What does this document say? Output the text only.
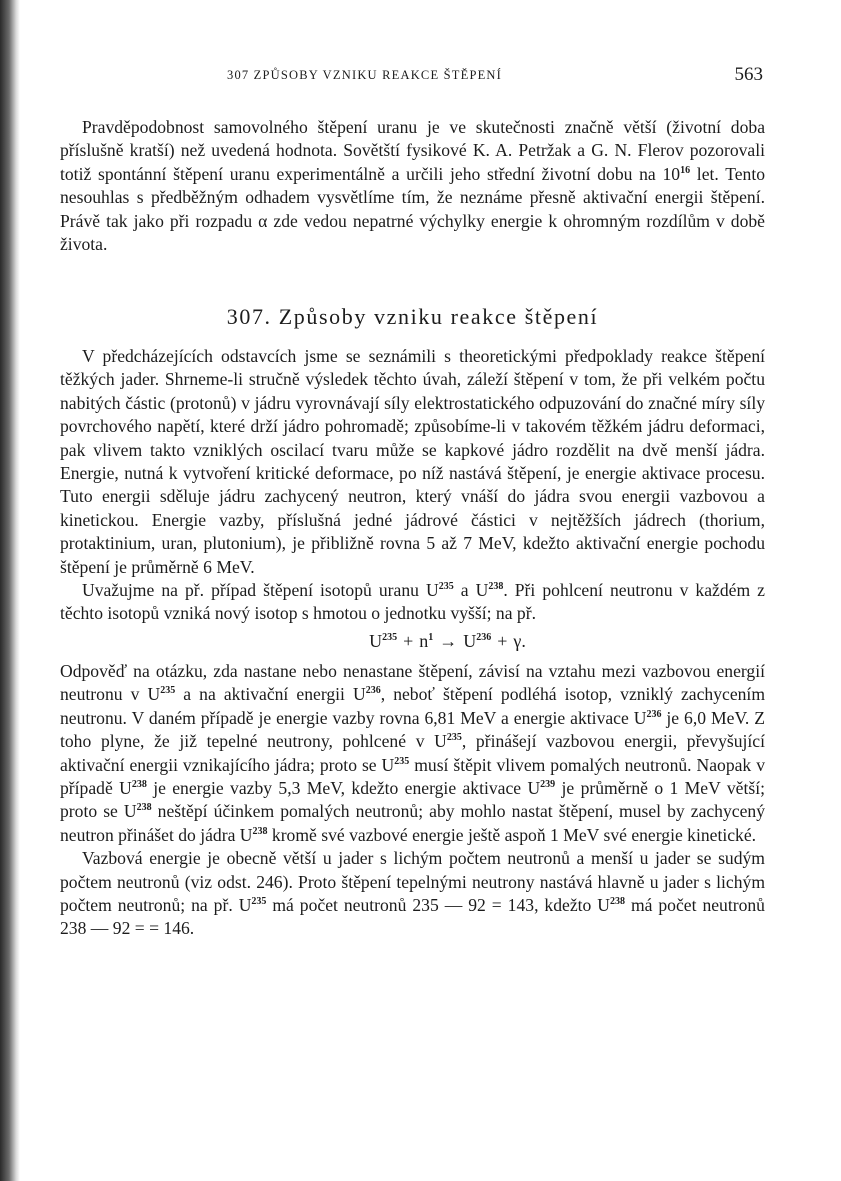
307 ZPŮSOBY VZNIKU REAKCE ŠTĚPENÍ	563

Pravděpodobnost samovolného štěpení uranu je ve skutečnosti značně větší (životní doba příslušně kratší) než uvedená hodnota. Sovětští fysikové K. A. Petržak a G. N. Flerov pozorovali totiž spontánní štěpení uranu experimentálně a určili jeho střední životní dobu na $10^{16}$ let. Tento nesouhlas s předběžným odhadem vysvětlíme tím, že neznáme přesně aktivační energii štěpení. Právě tak jako při rozpadu α zde vedou nepatrné výchylky energie k ohromným rozdílům v době života.

307. Způsoby vzniku reakce štěpení

V předcházejících odstavcích jsme se seznámili s theoretickými předpoklady reakce štěpení těžkých jader. Shrneme-li stručně výsledek těchto úvah, záleží štěpení v tom, že při velkém počtu nabitých částic (protonů) v jádru vyrovnávají síly elektrostatického odpuzování do značné míry síly povrchového napětí, které drží jádro pohromadě; způsobíme-li v takovém těžkém jádru deformaci, pak vlivem takto vzniklých oscilací tvaru může se kapkové jádro rozdělit na dvě menší jádra. Energie, nutná k vytvoření kritické deformace, po níž nastává štěpení, je energie aktivace procesu. Tuto energii sděluje jádru zachycený neutron, který vnáší do jádra svou energii vazbovou a kinetickou. Energie vazby, příslušná jedné jádrové částici v nejtěžších jádrech (thorium, protaktinium, uran, plutonium), je přibližně rovna 5 až 7 MeV, kdežto aktivační energie pochodu štěpení je průměrně 6 MeV.

Uvažujme na př. případ štěpení isotopů uranu $U^{235}$ a $U^{238}$. Při pohlcení neutronu v každém z těchto isotopů vzniká nový isotop s hmotou o jednotku vyšší; na př.

$U^{235} + n^1 \to U^{236} + \gamma$.

Odpověď na otázku, zda nastane nebo nenastane štěpení, závisí na vztahu mezi vazbovou energií neutronu v $U^{235}$ a na aktivační energii $U^{236}$, neboť štěpení podléhá isotop, vzniklý zachycením neutronu. V daném případě je energie vazby rovna 6,81 MeV a energie aktivace $U^{236}$ je 6,0 MeV. Z toho plyne, že již tepelné neutrony, pohlcené v $U^{235}$, přinášejí vazbovou energii, převyšující aktivační energii vznikajícího jádra; proto se $U^{235}$ musí štěpit vlivem pomalých neutronů. Naopak v případě $U^{238}$ je energie vazby 5,3 MeV, kdežto energie aktivace $U^{239}$ je průměrně o 1 MeV větší; proto se $U^{238}$ neštěpí účinkem pomalých neutronů; aby mohlo nastat štěpení, musel by zachycený neutron přinášet do jádra $U^{238}$ kromě své vazbové energie ještě aspoň 1 MeV své energie kinetické.

Vazbová energie je obecně větší u jader s lichým počtem neutronů a menší u jader se sudým počtem neutronů (viz odst. 246). Proto štěpení tepelnými neutrony nastává hlavně u jader s lichým počtem neutronů; na př. $U^{235}$ má počet neutronů 235 — 92 = 143, kdežto $U^{238}$ má počet neutronů 238 — 92 = = 146.
